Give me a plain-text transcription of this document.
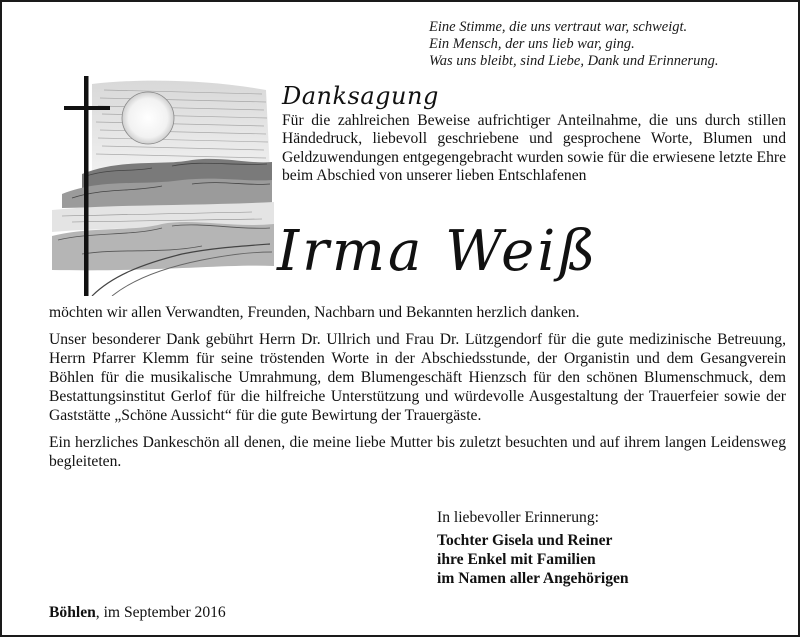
Eine Stimme, die uns vertraut war, schweigt.
Ein Mensch, der uns lieb war, ging.
Was uns bleibt, sind Liebe, Dank und Erinnerung.
Danksagung
Für die zahlreichen Beweise aufrichtiger Anteilnahme, die uns durch stillen Händedruck, liebevoll geschriebene und gesprochene Worte, Blumen und Geldzuwendungen entgegengebracht wurden sowie für die erwiesene letzte Ehre beim Abschied von unserer lieben Entschlafenen
Irma Weiß

möchten wir allen Verwandten, Freunden, Nachbarn und Bekannten herzlich danken.

Unser besonderer Dank gebührt Herrn Dr. Ullrich und Frau Dr. Lützgendorf für die gute medizinische Betreuung, Herrn Pfarrer Klemm für seine tröstenden Worte in der Abschiedsstunde, der Organistin und dem Gesangverein Böhlen für die musikalische Umrahmung, dem Blumengeschäft Hienzsch für den schönen Blumenschmuck, dem Bestattungsinstitut Gerlof für die hilfreiche Unterstützung und würdevolle Ausgestaltung der Trauerfeier sowie der Gaststätte „Schöne Aussicht“ für die gute Bewirtung der Trauergäste.

Ein herzliches Dankeschön all denen, die meine liebe Mutter bis zuletzt besuchten und auf ihrem langen Leidensweg begleiteten.

In liebevoller Erinnerung:
Tochter Gisela und Reiner
ihre Enkel mit Familien
im Namen aller Angehörigen
Böhlen, im September 2016
